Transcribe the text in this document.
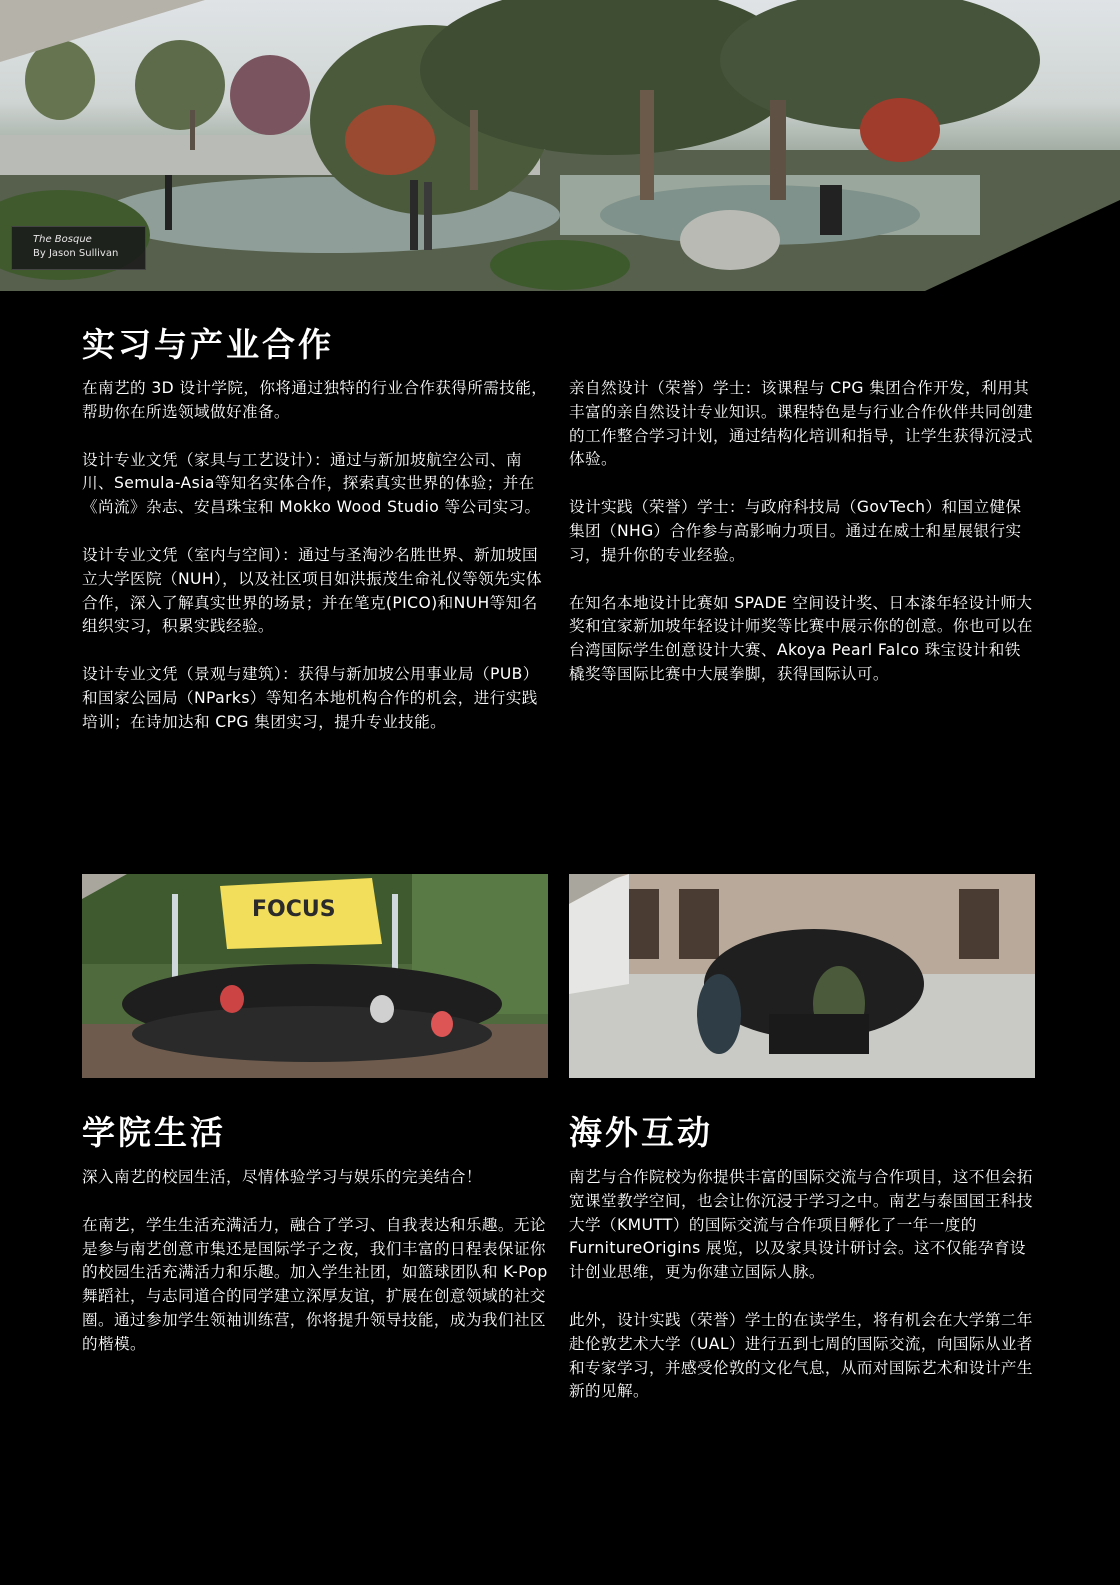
The Bosque
By Jason Sullivan
实习与产业合作

在南艺的 3D 设计学院，你将通过独特的行业合作获得所需技能，帮助你在所选领域做好准备。

设计专业文凭（家具与工艺设计）：通过与新加坡航空公司、南川、Semula-Asia等知名实体合作，探索真实世界的体验；并在《尚流》杂志、安昌珠宝和 Mokko Wood Studio 等公司实习。

设计专业文凭（室内与空间）：通过与圣淘沙名胜世界、新加坡国立大学医院（NUH），以及社区项目如洪振茂生命礼仪等领先实体合作，深入了解真实世界的场景；并在笔克(PICO)和NUH等知名组织实习，积累实践经验。

设计专业文凭（景观与建筑）：获得与新加坡公用事业局（PUB）和国家公园局（NParks）等知名本地机构合作的机会，进行实践培训；在诗加达和 CPG 集团实习，提升专业技能。

亲自然设计（荣誉）学士：该课程与 CPG 集团合作开发，利用其丰富的亲自然设计专业知识。课程特色是与行业合作伙伴共同创建的工作整合学习计划，通过结构化培训和指导，让学生获得沉浸式体验。

设计实践（荣誉）学士：与政府科技局（GovTech）和国立健保集团（NHG）合作参与高影响力项目。通过在威士和星展银行实习，提升你的专业经验。

在知名本地设计比赛如 SPADE 空间设计奖、日本漆年轻设计师大奖和宜家新加坡年轻设计师奖等比赛中展示你的创意。你也可以在台湾国际学生创意设计大赛、Akoya Pearl Falco 珠宝设计和铁橇奖等国际比赛中大展拳脚，获得国际认可。

FOCUS
学院生活

深入南艺的校园生活，尽情体验学习与娱乐的完美结合！

在南艺，学生生活充满活力，融合了学习、自我表达和乐趣。无论是参与南艺创意市集还是国际学子之夜，我们丰富的日程表保证你的校园生活充满活力和乐趣。加入学生社团，如篮球团队和 K-Pop 舞蹈社，与志同道合的同学建立深厚友谊，扩展在创意领域的社交圈。通过参加学生领袖训练营，你将提升领导技能，成为我们社区的楷模。

海外互动

南艺与合作院校为你提供丰富的国际交流与合作项目，这不但会拓宽课堂教学空间，也会让你沉浸于学习之中。南艺与泰国国王科技大学（KMUTT）的国际交流与合作项目孵化了一年一度的 FurnitureOrigins 展览，以及家具设计研讨会。这不仅能孕育设计创业思维，更为你建立国际人脉。

此外，设计实践（荣誉）学士的在读学生，将有机会在大学第二年赴伦敦艺术大学（UAL）进行五到七周的国际交流，向国际从业者和专家学习，并感受伦敦的文化气息，从而对国际艺术和设计产生新的见解。
